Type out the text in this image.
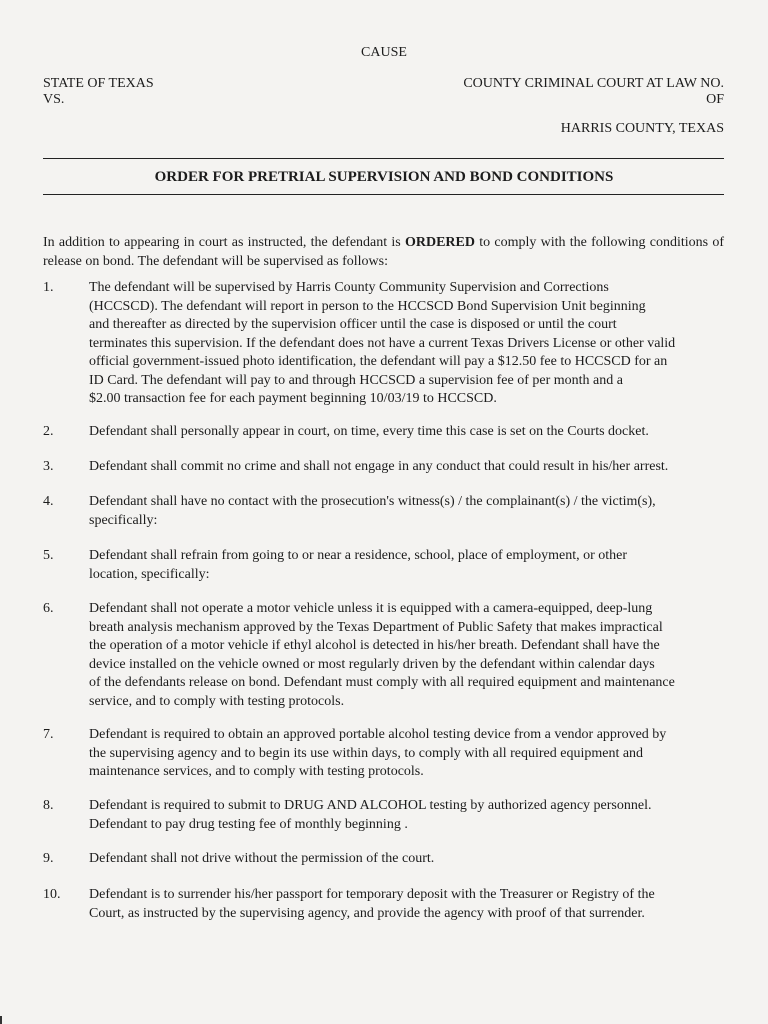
CAUSE
STATE OF TEXAS
VS.
COUNTY CRIMINAL COURT AT LAW NO.
OF
HARRIS COUNTY, TEXAS
ORDER FOR PRETRIAL SUPERVISION AND BOND CONDITIONS
In addition to appearing in court as instructed, the defendant is ORDERED to comply with the following conditions of release on bond. The defendant will be supervised as follows:
1.	The defendant will be supervised by Harris County Community Supervision and Corrections
(HCCSCD). The defendant will report in person to the HCCSCD Bond Supervision Unit beginning
and thereafter as directed by the supervision officer until the case is disposed or until the court
terminates this supervision. If the defendant does not have a current Texas Drivers License or other valid
official government-issued photo identification, the defendant will pay a $12.50 fee to HCCSCD for an
ID Card. The defendant will pay to and through HCCSCD a supervision fee of per month and a
$2.00 transaction fee for each payment beginning 10/03/19 to HCCSCD.
2.	Defendant shall personally appear in court, on time, every time this case is set on the Courts docket.
3.	Defendant shall commit no crime and shall not engage in any conduct that could result in his/her arrest.
4.	Defendant shall have no contact with the prosecution's witness(s) / the complainant(s) / the victim(s),
specifically:
5.	Defendant shall refrain from going to or near a residence, school, place of employment, or other
location, specifically:
6.	Defendant shall not operate a motor vehicle unless it is equipped with a camera-equipped, deep-lung
breath analysis mechanism approved by the Texas Department of Public Safety that makes impractical
the operation of a motor vehicle if ethyl alcohol is detected in his/her breath. Defendant shall have the
device installed on the vehicle owned or most regularly driven by the defendant within calendar days
of the defendants release on bond. Defendant must comply with all required equipment and maintenance
service, and to comply with testing protocols.
7.	Defendant is required to obtain an approved portable alcohol testing device from a vendor approved by
the supervising agency and to begin its use within days, to comply with all required equipment and
maintenance services, and to comply with testing protocols.
8.	Defendant is required to submit to DRUG AND ALCOHOL testing by authorized agency personnel.
Defendant to pay drug testing fee of monthly beginning .
9.	Defendant shall not drive without the permission of the court.
10.	Defendant is to surrender his/her passport for temporary deposit with the Treasurer or Registry of the
Court, as instructed by the supervising agency, and provide the agency with proof of that surrender.
